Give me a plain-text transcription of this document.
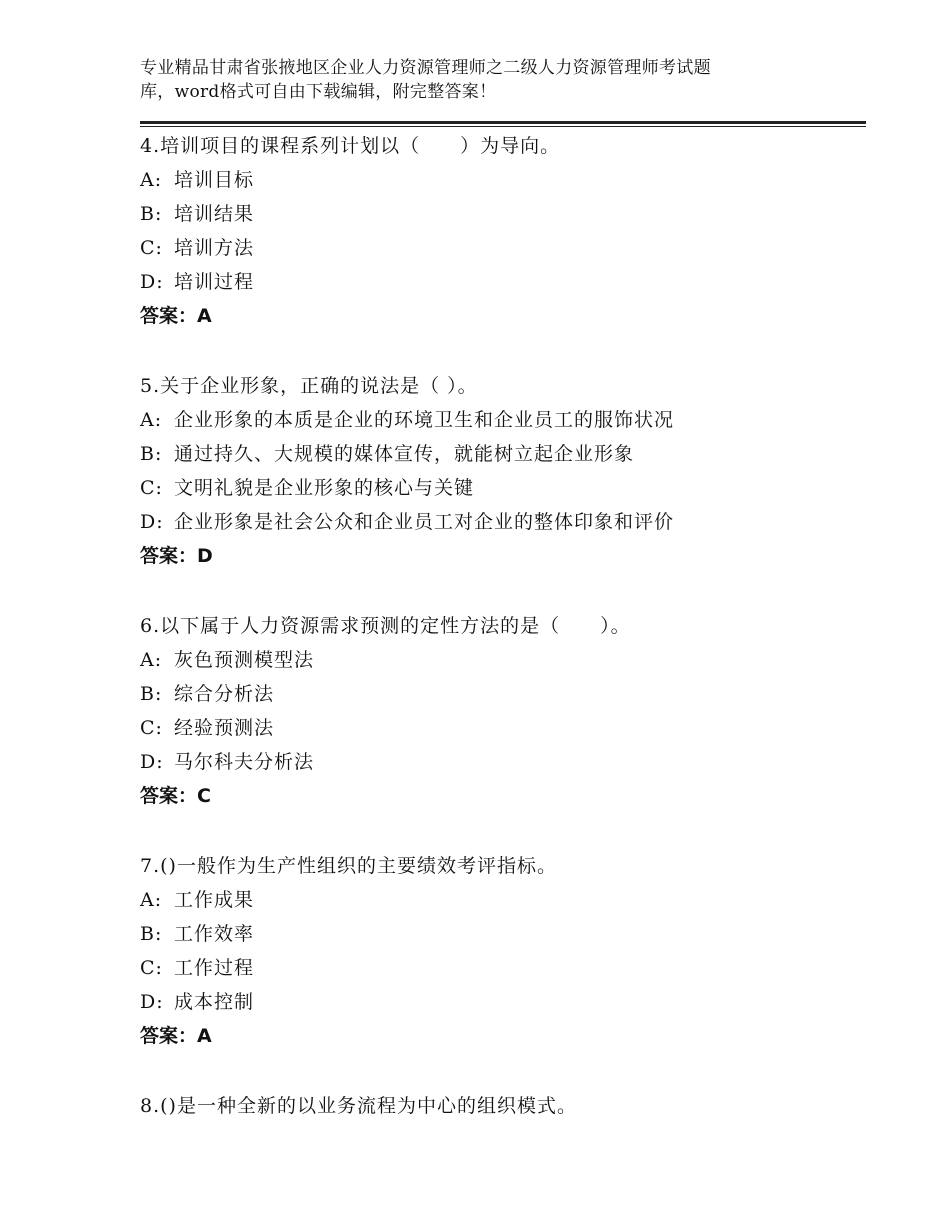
专业精品甘肃省张掖地区企业人力资源管理师之二级人力资源管理师考试题
库，word格式可自由下载编辑，附完整答案！
4.培训项目的课程系列计划以（　　）为导向。
A: 培训目标
B: 培训结果
C: 培训方法
D: 培训过程
答案：A
5.关于企业形象，正确的说法是（ ）。
A: 企业形象的本质是企业的环境卫生和企业员工的服饰状况
B: 通过持久、大规模的媒体宣传，就能树立起企业形象
C: 文明礼貌是企业形象的核心与关键
D: 企业形象是社会公众和企业员工对企业的整体印象和评价
答案：D
6.以下属于人力资源需求预测的定性方法的是（　　）。
A: 灰色预测模型法
B: 综合分析法
C: 经验预测法
D: 马尔科夫分析法
答案：C
7.()一般作为生产性组织的主要绩效考评指标。
A: 工作成果
B: 工作效率
C: 工作过程
D: 成本控制
答案：A
8.()是一种全新的以业务流程为中心的组织模式。
